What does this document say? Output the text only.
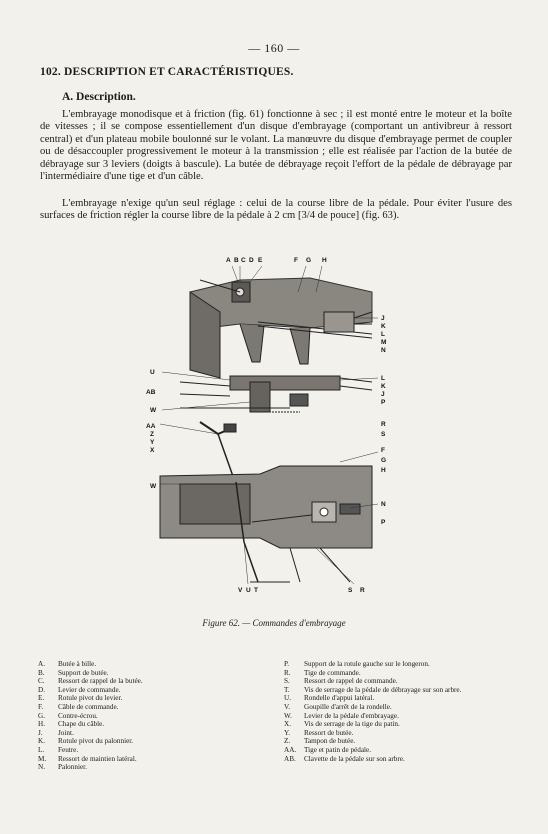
— 160 —
102. DESCRIPTION ET CARACTÉRISTIQUES.
A. Description.

L'embrayage monodisque et à friction (fig. 61) fonctionne à sec ; il est monté entre le moteur et la boîte de vitesses ; il se compose essentiellement d'un disque d'embrayage (comportant un antivibreur à ressort central) et d'un plateau mobile boulonné sur le volant. La manœuvre du disque d'embrayage permet de coupler ou de désaccoupler progressivement le moteur à la transmission ; elle est réalisée par l'action de la butée de débrayage sur 3 leviers (doigts à bascule). La butée de débrayage reçoit l'effort de la pédale de débrayage par l'intermédiaire d'une tige et d'un câble.

L'embrayage n'exige qu'un seul réglage : celui de la course libre de la pédale. Pour éviter l'usure des surfaces de friction régler la course libre de la pédale à 2 cm [3/4 de pouce] (fig. 63).

A B C D E	F G H
J
K
L
M
N
L
K
J
P
R
S
F
G
H
N
P
U
AB
W
AA
Z
Y
X
W
V U T	S R
Figure 62. — Commandes d'embrayage
A.	Butée à bille.
B.	Support de butée.
C.	Ressort de rappel de la butée.
D.	Levier de commande.
E.	Rotule pivot du levier.
F.	Câble de commande.
G.	Contre-écrou.
H.	Chape du câble.
J.	Joint.
K.	Rotule pivot du palonnier.
L.	Feutre.
M.	Ressort de maintien latéral.
N.	Palonnier.
P.	Support de la rotule gauche sur le longeron.
R.	Tige de commande.
S.	Ressort de rappel de commande.
T.	Vis de serrage de la pédale de débrayage sur son arbre.
U.	Rondelle d'appui latéral.
V.	Goupille d'arrêt de la rondelle.
W.	Levier de la pédale d'embrayage.
X.	Vis de serrage de la tige du patin.
Y.	Ressort de butée.
Z.	Tampon de butée.
AA.	Tige et patin de pédale.
AB.	Clavette de la pédale sur son arbre.
